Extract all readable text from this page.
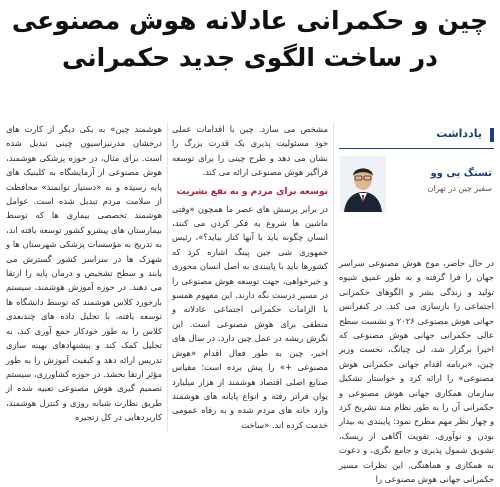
چین و حکمرانی عادلانه هوش مصنوعی
در ساخت الگوی جدید حکمرانی
یادداشت
تسنگ یی وو
سفیر چین در تهران

در حال حاضر، موج هوش مصنوعی سراسر جهان را فرا گرفته و به طور عمیق شیوه تولید و زندگی بشر و الگوهای حکمرانی اجتماعی را بازسازی می کند. در کنفرانس جهانی هوش مصنوعی ۲۰۲۶ و نشست سطح عالی حکمرانی جهانی هوش مصنوعی که اخیرا برگزار شد، لی چیانگ، نخست وزیر چین، «برنامه اقدام جهانی حکمرانی هوش مصنوعی» را ارائه کرد و خواستار تشکیل سازمان همکاری جهانی هوش مصنوعی و حکمرانی آن را به طور نظام مند تشریح کرد و چهار نظر مهم مطرح نمود: پایبندی به بیدار بودن و نوآوری، تقویت آگاهی از ریسک، تشویق شمول پذیری و جامع نگری، و دعوت به همکاری و هماهنگی. این نظرات مسیر حکمرانی جهانی هوش مصنوعی را

مشخص می سازد. چین با اقدامات عملی خود مسئولیت پذیری یک قدرت بزرگ را نشان می دهد و طرح چینی را برای توسعه فراگیر هوش مصنوعی ارائه می کند.

توسعه برای مردم و به نفع بشریت

در برابر پرسش های عصر ما همچون «وقتی ماشین ها شروع به فکر کردن می کنند، انسان چگونه باید با آنها کنار بیاید؟»، رئیس جمهوری شی جین پینگ اشاره کرد که کشورها باید با پایبندی به اصل انسان محوری و خیرخواهی، جهت توسعه هوش مصنوعی را در مسیر درست نگه دارند. این مفهوم همسو با الزامات حکمرانی اجتماعی عادلانه و منطقی برای هوش مصنوعی است. این نگرش ریشه در عمل چین دارد. در سال های اخیر، چین به طور فعال اقدام «هوش مصنوعی +» را پیش برده است؛ مقیاس صنایع اصلی اقتصاد هوشمند از هزار میلیارد یوان فراتر رفته و انواع پایانه های هوشمند وارد خانه های مردم شده و به رفاه عمومی خدمت کرده اند. «ساخت

هوشمند چین» به یکی دیگر از کارت های درخشان مدرنیزاسیون چینی تبدیل شده است. برای مثال، در حوزه پزشکی هوشمند، هوش مصنوعی از آزمایشگاه به کلینیک های پایه رسیده و به «دستیار توانمند» محافظت از سلامت مردم تبدیل شده است. عوامل هوشمند تخصصی بیماری ها که توسط بیمارستان های پیشرو کشور توسعه یافته اند، به تدریج به مؤسسات پزشکی شهرستان ها و شهرک ها در سراسر کشور گسترش می یابند و سطح تشخیص و درمان پایه را ارتقا می دهند. در حوزه آموزش هوشمند، سیستم بازخورد کلاس هوشمند که توسط دانشگاه ها توسعه یافته، با تحلیل داده های چندبعدی کلاس را به طور خودکار جمع آوری کند، به تحلیل کمک کند و پیشنهادهای بهینه سازی تدریس ارائه دهد و کیفیت آموزش را به طور مؤثر ارتقا بخشد. در حوزه کشاورزی، سیستم تصمیم گیری هوش مصنوعی تعبیه شده از طریق نظارت شبانه روزی و کنترل هوشمند، کاربردهایی در کل زنجیره
